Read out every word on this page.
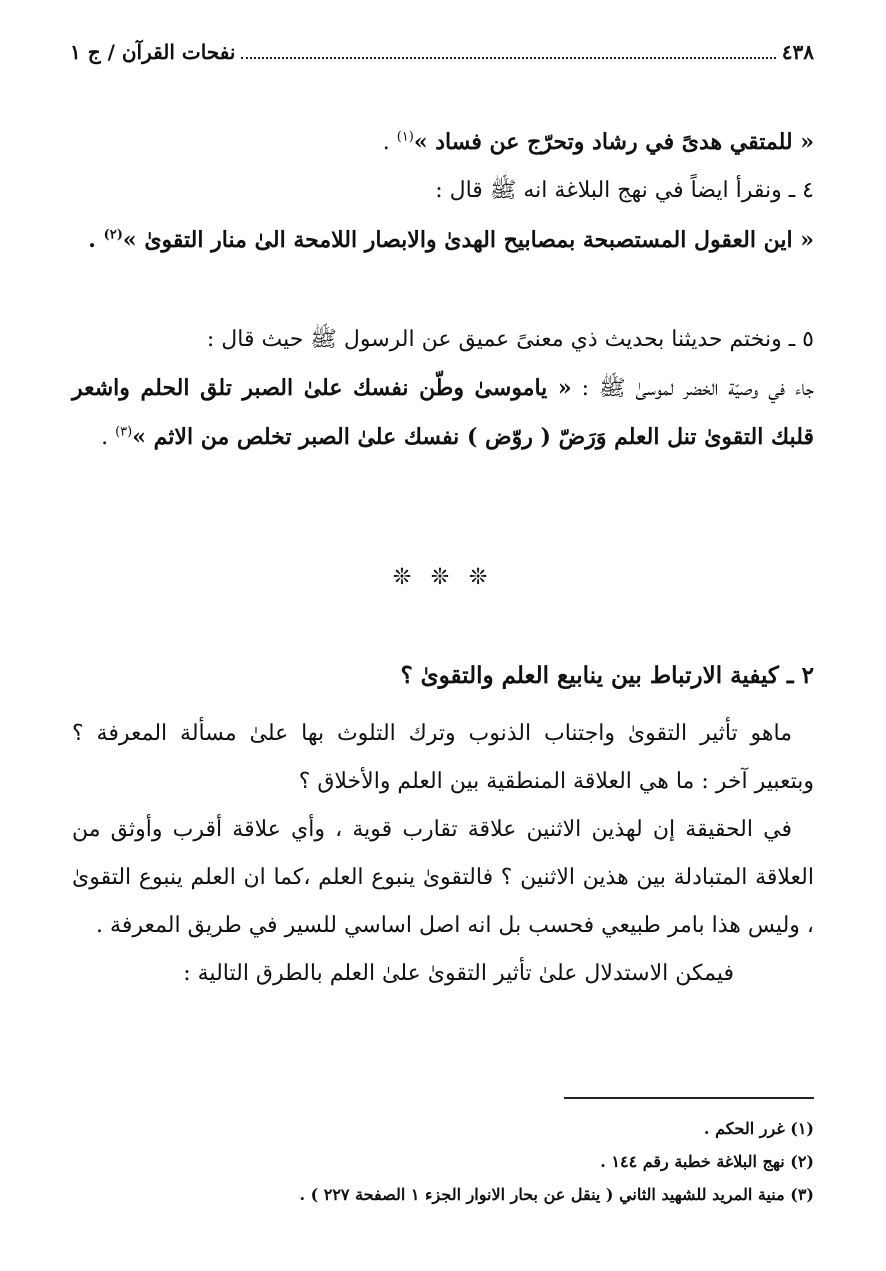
٤٣٨
نفحات القرآن / ج ١
« للمتقي هدىً في رشاد وتحرّج عن فساد »$^{(١)}$ .
٤ ـ ونقرأ ايضاً في نهج البلاغة انه ﷺ قال :
« اين العقول المستصبحة بمصابيح الهدىٰ والابصار اللامحة الىٰ منار التقوىٰ »$^{(٢)}$ .
٥ ـ ونختم حديثنا بحديث ذي معنىً عميق عن الرسول ﷺ حيث قال :
جاء في وصيّة الخضر لموسىٰ ﷺ : « ياموسىٰ وطّن نفسك علىٰ الصبر تلق الحلم واشعر قلبك التقوىٰ تنل العلم وَرَضّ ( روّض ) نفسك علىٰ الصبر تخلص من الاثم »$^{(٣)}$ .
❊ ❊ ❊
٢ ـ كيفية الارتباط بين ينابيع العلم والتقوىٰ ؟
ماهو تأثير التقوىٰ واجتناب الذنوب وترك التلوث بها علىٰ مسألة المعرفة ؟ وبتعبير آخر : ما هي العلاقة المنطقية بين العلم والأخلاق ؟
في الحقيقة إن لهذين الاثنين علاقة تقارب قوية ، وأي علاقة أقرب وأوثق من العلاقة المتبادلة بين هذين الاثنين ؟ فالتقوىٰ ينبوع العلم ،كما ان العلم ينبوع التقوىٰ ، وليس هذا بامر طبيعي فحسب بل انه اصل اساسي للسير في طريق المعرفة .
فيمكن الاستدلال علىٰ تأثير التقوىٰ علىٰ العلم بالطرق التالية :
(١) غرر الحكم .
(٢) نهج البلاغة خطبة رقم ١٤٤ .
(٣) منية المريد للشهيد الثاني ( ينقل عن بحار الانوار الجزء ١ الصفحة ٢٢٧ ) .
